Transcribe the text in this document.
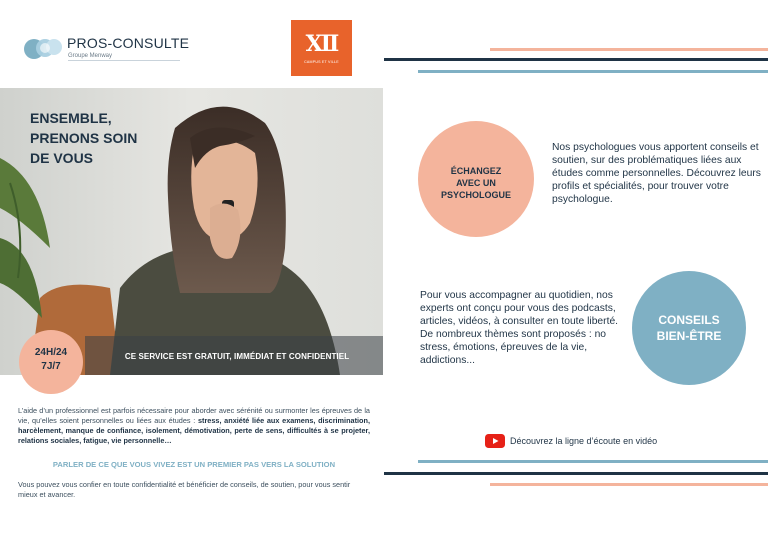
PROS-CONSULTE
Groupe Menway	XII
CAMPUS ET VILLE
ENSEMBLE,
PRENONS SOIN
DE VOUS
24H/24
7J/7
CE SERVICE EST GRATUIT, IMMÉDIAT ET CONFIDENTIEL

L’aide d’un professionnel est parfois nécessaire pour aborder avec sérénité ou surmonter les épreuves de la vie, qu’elles soient personnelles ou liées aux études : stress, anxiété liée aux examens, discrimination, harcèlement, manque de confiance, isolement, démotivation, perte de sens, difficultés à se projeter, relations sociales, fatigue, vie personnelle…

PARLER DE CE QUE VOUS VIVEZ EST UN PREMIER PAS VERS LA SOLUTION

Vous pouvez vous confier en toute confidentialité et bénéficier de conseils, de soutien, pour vous sentir mieux et avancer.

ÉCHANGEZ
AVEC UN
PSYCHOLOGUE

Nos psychologues vous apportent conseils et soutien, sur des problématiques liées aux études comme personnelles. Découvrez leurs profils et spécialités, pour trouver votre psychologue.

Pour vous accompagner au quotidien, nos experts ont conçu pour vous des podcasts, articles, vidéos, à consulter en toute liberté. De nombreux thèmes sont proposés : no stress, émotions, épreuves de la vie, addictions...

CONSEILS
BIEN-ÊTRE
Découvrez la ligne d’écoute en vidéo
